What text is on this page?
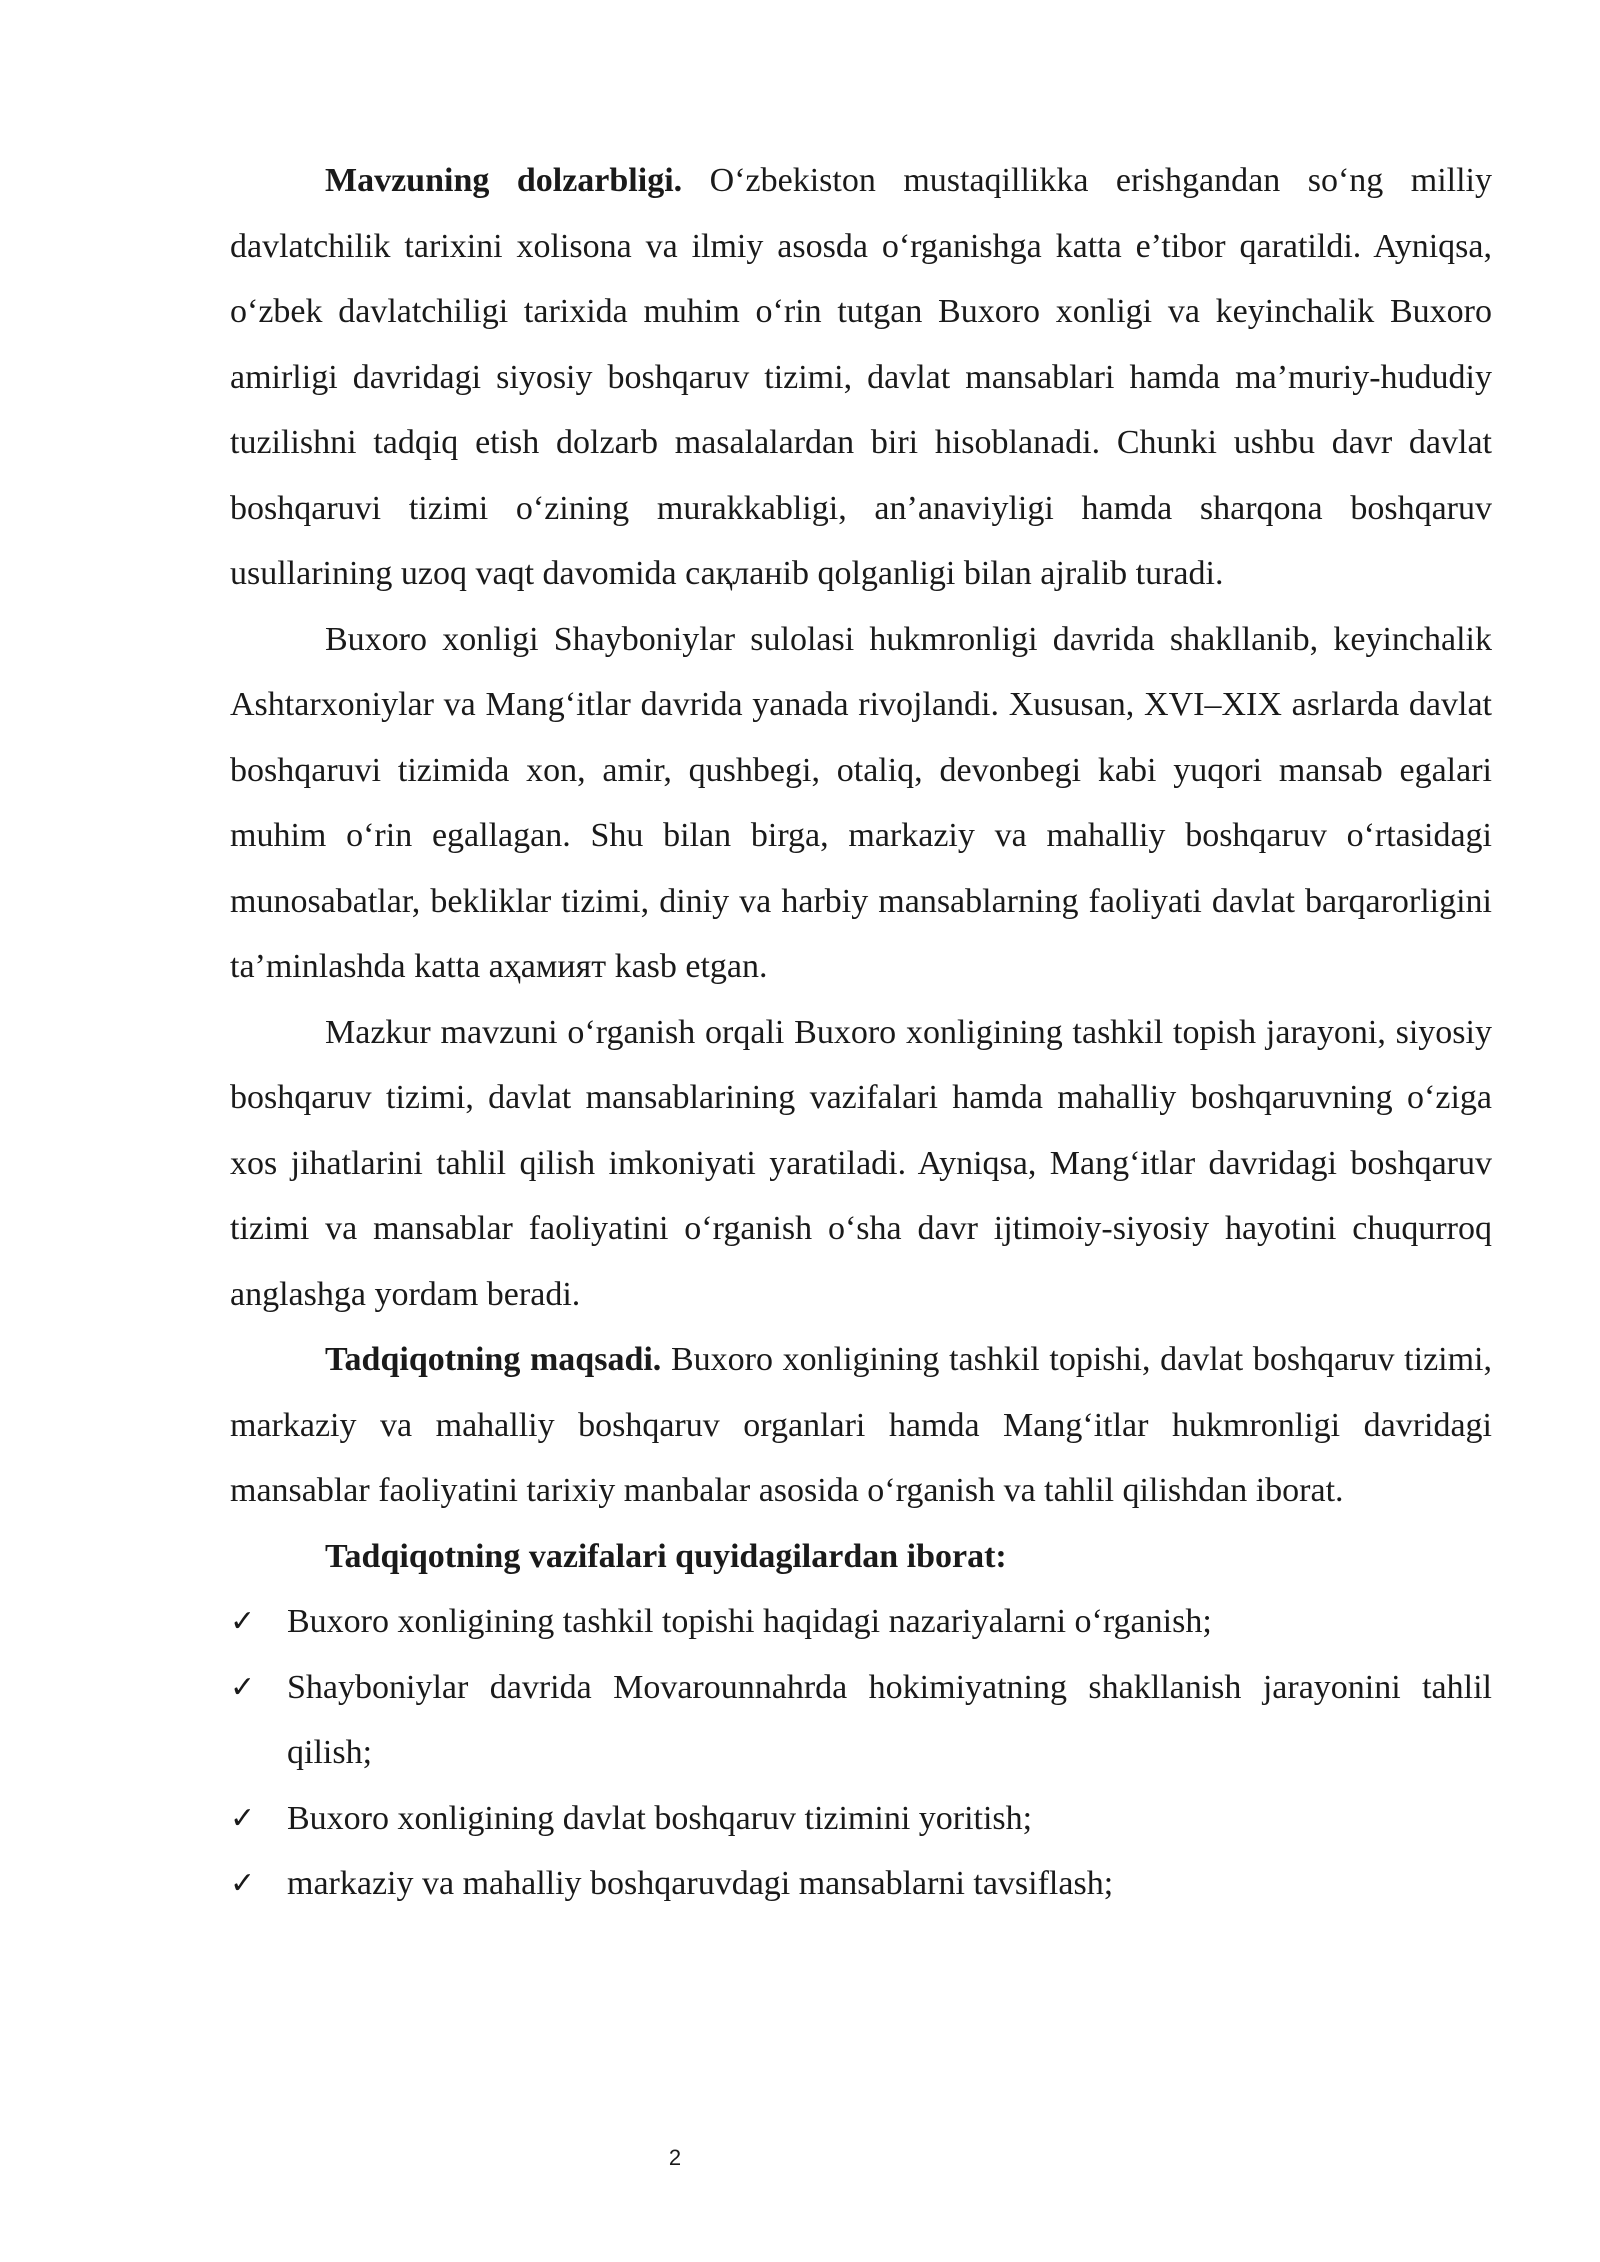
Mavzuning dolzarbligi. O‘zbekiston mustaqillikka erishgandan so‘ng milliy davlatchilik tarixini xolisona va ilmiy asosda o‘rganishga katta e’tibor qaratildi. Ayniqsa, o‘zbek davlatchiligi tarixida muhim o‘rin tutgan Buxoro xonligi va keyinchalik Buxoro amirligi davridagi siyosiy boshqaruv tizimi, davlat mansablari hamda ma’muriy-hududiy tuzilishni tadqiq etish dolzarb masalalardan biri hisoblanadi. Chunki ushbu davr davlat boshqaruvi tizimi o‘zining murakkabligi, an’anaviyligi hamda sharqona boshqaruv usullarining uzoq vaqt davomida сақланib qolganligi bilan ajralib turadi.

Buxoro xonligi Shayboniylar sulolasi hukmronligi davrida shakllanib, keyinchalik Ashtarxoniylar va Mang‘itlar davrida yanada rivojlandi. Xususan, XVI–XIX asrlarda davlat boshqaruvi tizimida xon, amir, qushbegi, otaliq, devonbegi kabi yuqori mansab egalari muhim o‘rin egallagan. Shu bilan birga, markaziy va mahalliy boshqaruv o‘rtasidagi munosabatlar, bekliklar tizimi, diniy va harbiy mansablarning faoliyati davlat barqarorligini ta’minlashda katta аҳамият kasb etgan.

Mazkur mavzuni o‘rganish orqali Buxoro xonligining tashkil topish jarayoni, siyosiy boshqaruv tizimi, davlat mansablarining vazifalari hamda mahalliy boshqaruvning o‘ziga xos jihatlarini tahlil qilish imkoniyati yaratiladi. Ayniqsa, Mang‘itlar davridagi boshqaruv tizimi va mansablar faoliyatini o‘rganish o‘sha davr ijtimoiy-siyosiy hayotini chuqurroq anglashga yordam beradi.

Tadqiqotning maqsadi. Buxoro xonligining tashkil topishi, davlat boshqaruv tizimi, markaziy va mahalliy boshqaruv organlari hamda Mang‘itlar hukmronligi davridagi mansablar faoliyatini tarixiy manbalar asosida o‘rganish va tahlil qilishdan iborat.

Tadqiqotning vazifalari quyidagilardan iborat:

✓ Buxoro xonligining tashkil topishi haqidagi nazariyalarni o‘rganish;
✓ Shayboniylar davrida Movarounnahrda hokimiyatning shakllanish jarayonini tahlil qilish;
✓ Buxoro xonligining davlat boshqaruv tizimini yoritish;
✓ markaziy va mahalliy boshqaruvdagi mansablarni tavsiflash;
2
